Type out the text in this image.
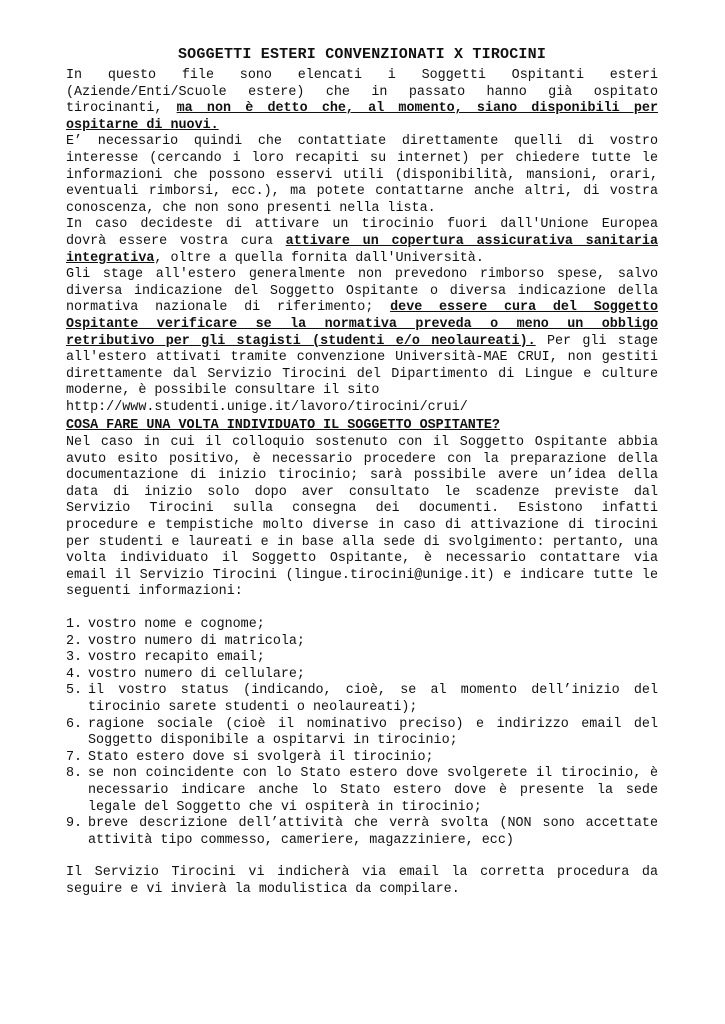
SOGGETTI ESTERI CONVENZIONATI X TIROCINI

In questo file sono elencati i Soggetti Ospitanti esteri (Aziende/Enti/Scuole estere) che in passato hanno già ospitato tirocinanti, ma non è detto che, al momento, siano disponibili per ospitarne di nuovi.

E’ necessario quindi che contattiate direttamente quelli di vostro interesse (cercando i loro recapiti su internet) per chiedere tutte le informazioni che possono esservi utili (disponibilità, mansioni, orari, eventuali rimborsi, ecc.), ma potete contattarne anche altri, di vostra conoscenza, che non sono presenti nella lista.

In caso decideste di attivare un tirocinio fuori dall'Unione Europea dovrà essere vostra cura attivare un copertura assicurativa sanitaria integrativa, oltre a quella fornita dall'Università.

Gli stage all'estero generalmente non prevedono rimborso spese, salvo diversa indicazione del Soggetto Ospitante o diversa indicazione della normativa nazionale di riferimento; deve essere cura del Soggetto Ospitante verificare se la normativa preveda o meno un obbligo retributivo per gli stagisti (studenti e/o neolaureati). Per gli stage all'estero attivati tramite convenzione Università-MAE CRUI, non gestiti direttamente dal Servizio Tirocini del Dipartimento di Lingue e culture moderne, è possibile consultare il sito

http://www.studenti.unige.it/lavoro/tirocini/crui/

COSA FARE UNA VOLTA INDIVIDUATO IL SOGGETTO OSPITANTE?

Nel caso in cui il colloquio sostenuto con il Soggetto Ospitante abbia avuto esito positivo, è necessario procedere con la preparazione della documentazione di inizio tirocinio; sarà possibile avere un’idea della data di inizio solo dopo aver consultato le scadenze previste dal Servizio Tirocini sulla consegna dei documenti. Esistono infatti procedure e tempistiche molto diverse in caso di attivazione di tirocini per studenti e laureati e in base alla sede di svolgimento: pertanto, una volta individuato il Soggetto Ospitante, è necessario contattare via email il Servizio Tirocini (lingue.tirocini@unige.it) e indicare tutte le seguenti informazioni:

1. vostro nome e cognome;
2. vostro numero di matricola;
3. vostro recapito email;
4. vostro numero di cellulare;
5. il vostro status (indicando, cioè, se al momento dell’inizio del tirocinio sarete studenti o neolaureati);
6. ragione sociale (cioè il nominativo preciso) e indirizzo email del Soggetto disponibile a ospitarvi in tirocinio;
7. Stato estero dove si svolgerà il tirocinio;
8. se non coincidente con lo Stato estero dove svolgerete il tirocinio, è necessario indicare anche lo Stato estero dove è presente la sede legale del Soggetto che vi ospiterà in tirocinio;
9. breve descrizione dell’attività che verrà svolta (NON sono accettate attività tipo commesso, cameriere, magazziniere, ecc)

Il Servizio Tirocini vi indicherà via email la corretta procedura da seguire e vi invierà la modulistica da compilare.
